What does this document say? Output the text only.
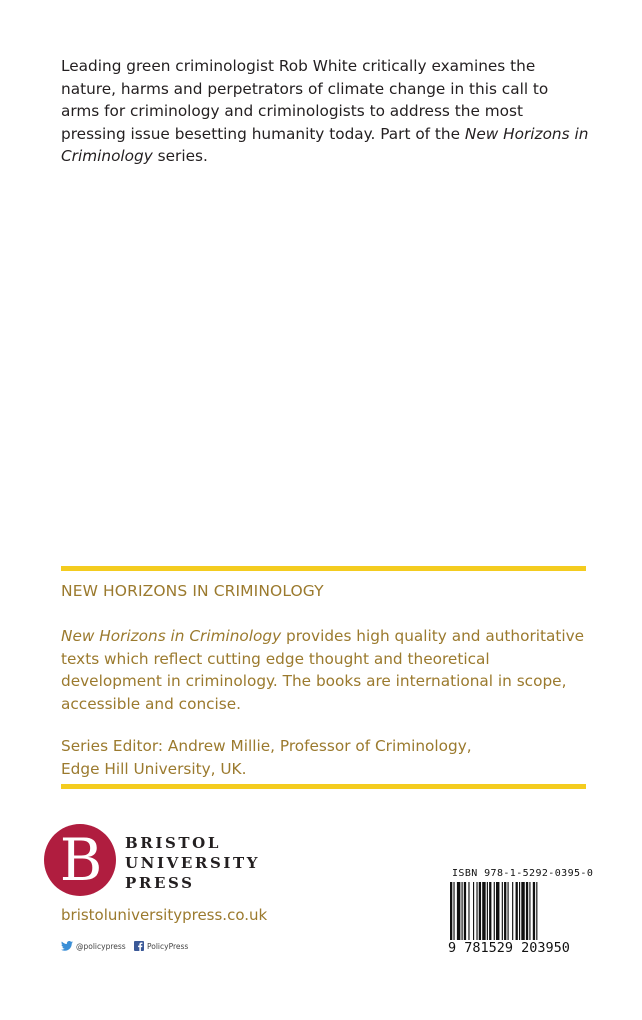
Leading green criminologist Rob White critically examines the nature, harms and perpetrators of climate change in this call to arms for criminology and criminologists to address the most pressing issue besetting humanity today. Part of the New Horizons in Criminology series.
NEW HORIZONS IN CRIMINOLOGY
New Horizons in Criminology provides high quality and authoritative texts which reflect cutting edge thought and theoretical development in criminology. The books are international in scope, accessible and concise.
Series Editor: Andrew Millie, Professor of Criminology,
Edge Hill University, UK.
B BRISTOL
UNIVERSITY
PRESS
bristoluniversitypress.co.uk
@policypress	PolicyPress
ISBN 978-1-5292-0395-0
9 781529 203950
